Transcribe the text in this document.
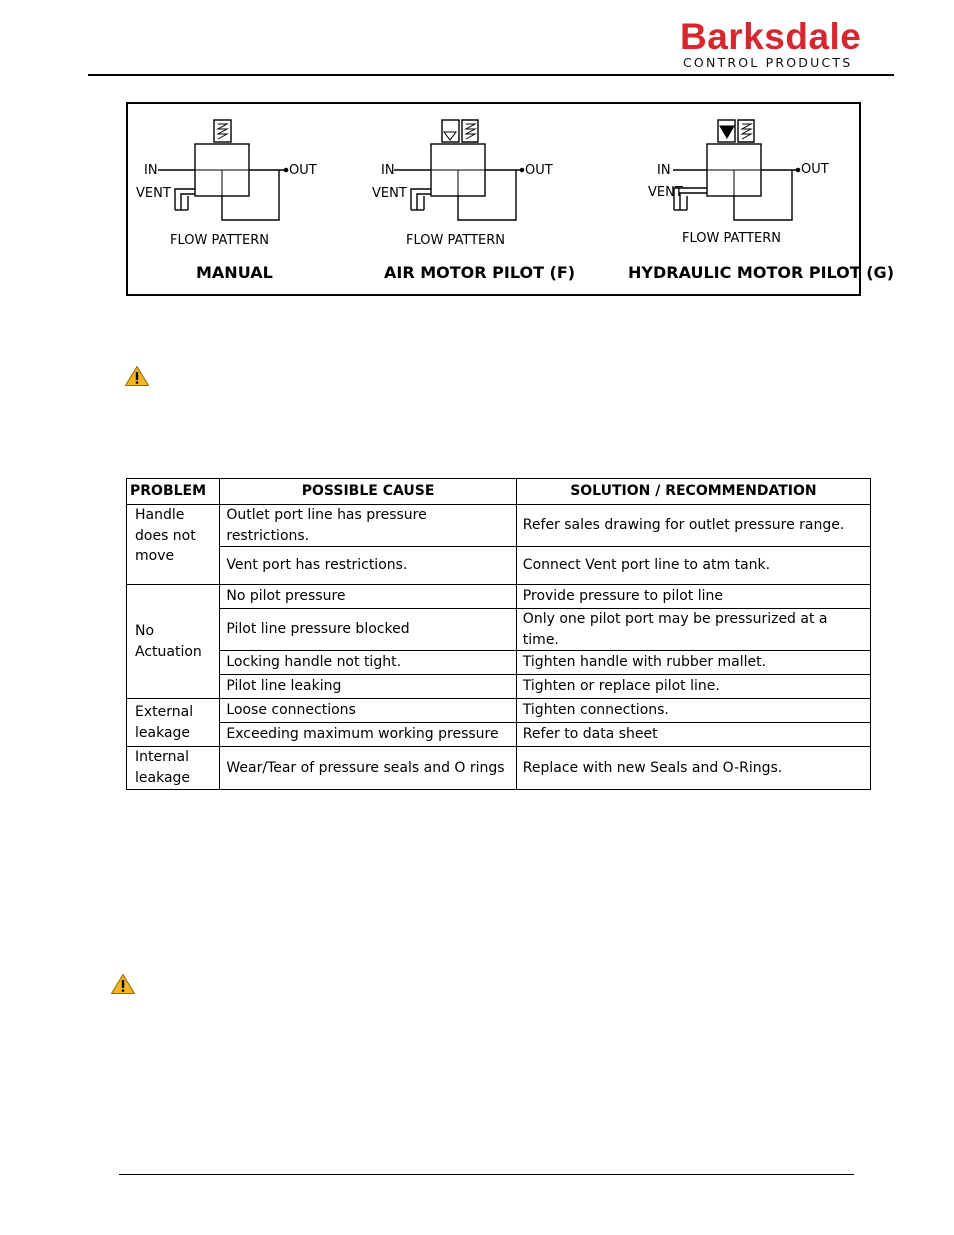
Barksdale
CONTROL PRODUCTS
IN
VENT
OUT
FLOW PATTERN
MANUAL
IN
VENT
OUT
FLOW PATTERN
AIR MOTOR PILOT (F)
IN
VENT
OUT
FLOW PATTERN
HYDRAULIC MOTOR PILOT (G)
PROBLEM	POSSIBLE CAUSE	SOLUTION / RECOMMENDATION
Handle does not move	Outlet port line has pressure restrictions.	Refer sales drawing for outlet pressure range.
	Vent port has restrictions.	Connect Vent port line to atm tank.
No Actuation	No pilot pressure	Provide pressure to pilot line
	Pilot line pressure blocked	Only one pilot port may be pressurized at a time.
	Locking handle not tight.	Tighten handle with rubber mallet.
	Pilot line leaking	Tighten or replace pilot line.
External leakage	Loose connections	Tighten connections.
	Exceeding maximum working pressure	Refer to data sheet
Internal leakage	Wear/Tear of pressure seals and O rings	Replace with new Seals and O-Rings.
